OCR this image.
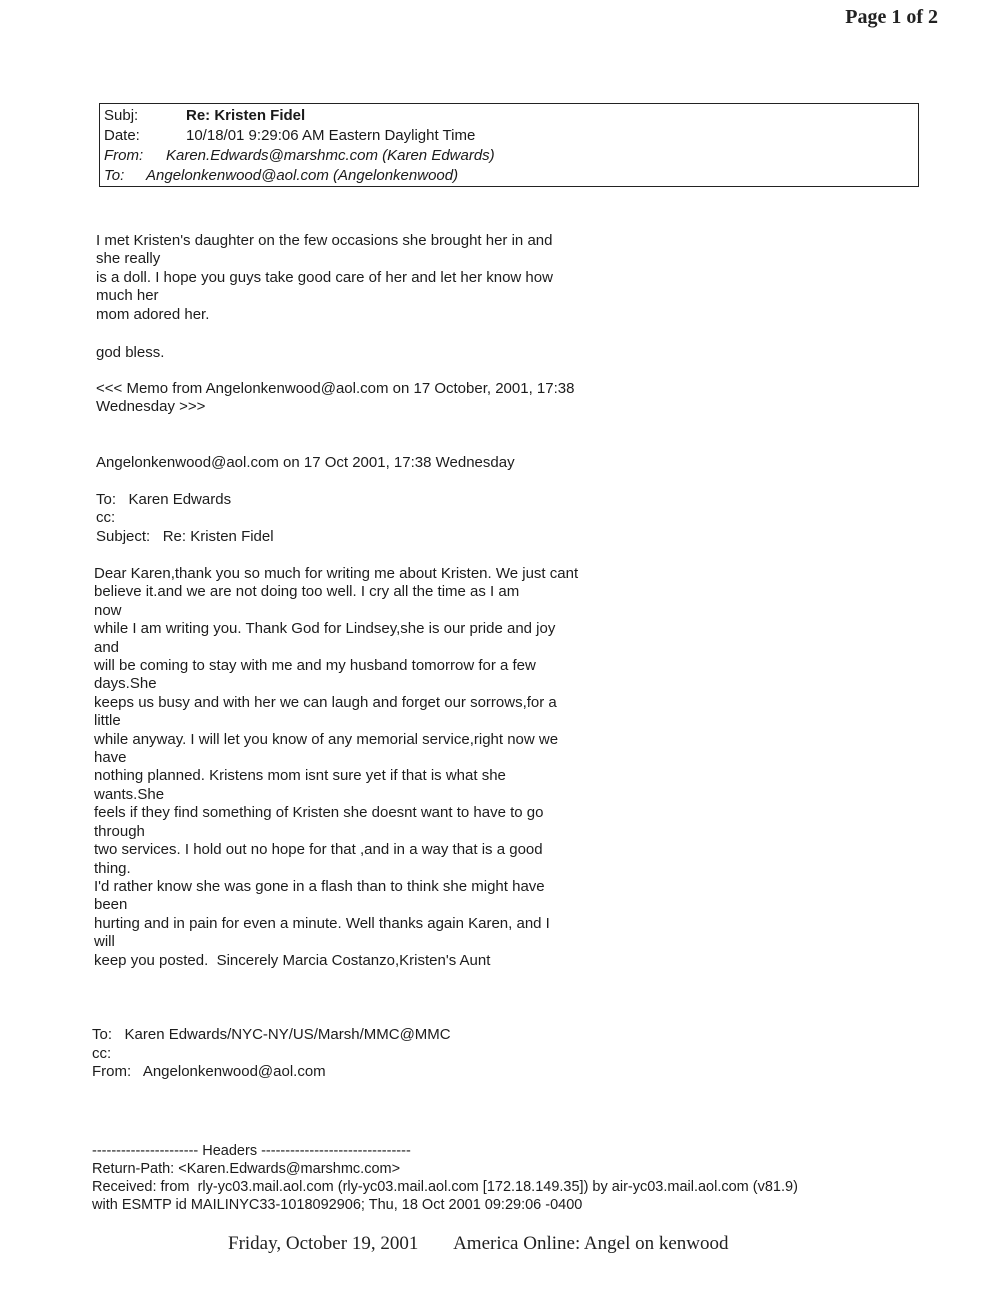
Page 1 of 2
Subj:	Re: Kristen Fidel
Date:	10/18/01 9:29:06 AM Eastern Daylight Time
From: Karen.Edwards@marshmc.com (Karen Edwards)
To: Angelonkenwood@aol.com (Angelonkenwood)
I met Kristen's daughter on the few occasions she brought her in and
she really
is a doll. I hope you guys take good care of her and let her know how
much her
mom adored her.
god bless.
<<< Memo from Angelonkenwood@aol.com on 17 October, 2001, 17:38
Wednesday >>>
Angelonkenwood@aol.com on 17 Oct 2001, 17:38 Wednesday
To:   Karen Edwards
cc:
Subject:   Re: Kristen Fidel
Dear Karen,thank you so much for writing me about Kristen. We just cant
believe it.and we are not doing too well. I cry all the time as I am
now
while I am writing you. Thank God for Lindsey,she is our pride and joy
and
will be coming to stay with me and my husband tomorrow for a few
days.She
keeps us busy and with her we can laugh and forget our sorrows,for a
little
while anyway. I will let you know of any memorial service,right now we
have
nothing planned. Kristens mom isnt sure yet if that is what she
wants.She
feels if they find something of Kristen she doesnt want to have to go
through
two services. I hold out no hope for that ,and in a way that is a good
thing.
I'd rather know she was gone in a flash than to think she might have
been
hurting and in pain for even a minute. Well thanks again Karen, and I
will
keep you posted.  Sincerely Marcia Costanzo,Kristen's Aunt
To:   Karen Edwards/NYC-NY/US/Marsh/MMC@MMC
cc:
From:   Angelonkenwood@aol.com
---------------------- Headers -------------------------------
Return-Path: <Karen.Edwards@marshmc.com>
Received: from  rly-yc03.mail.aol.com (rly-yc03.mail.aol.com [172.18.149.35]) by air-yc03.mail.aol.com (v81.9)
with ESMTP id MAILINYC33-1018092906; Thu, 18 Oct 2001 09:29:06 -0400
Friday, October 19, 2001 America Online: Angel on kenwood
